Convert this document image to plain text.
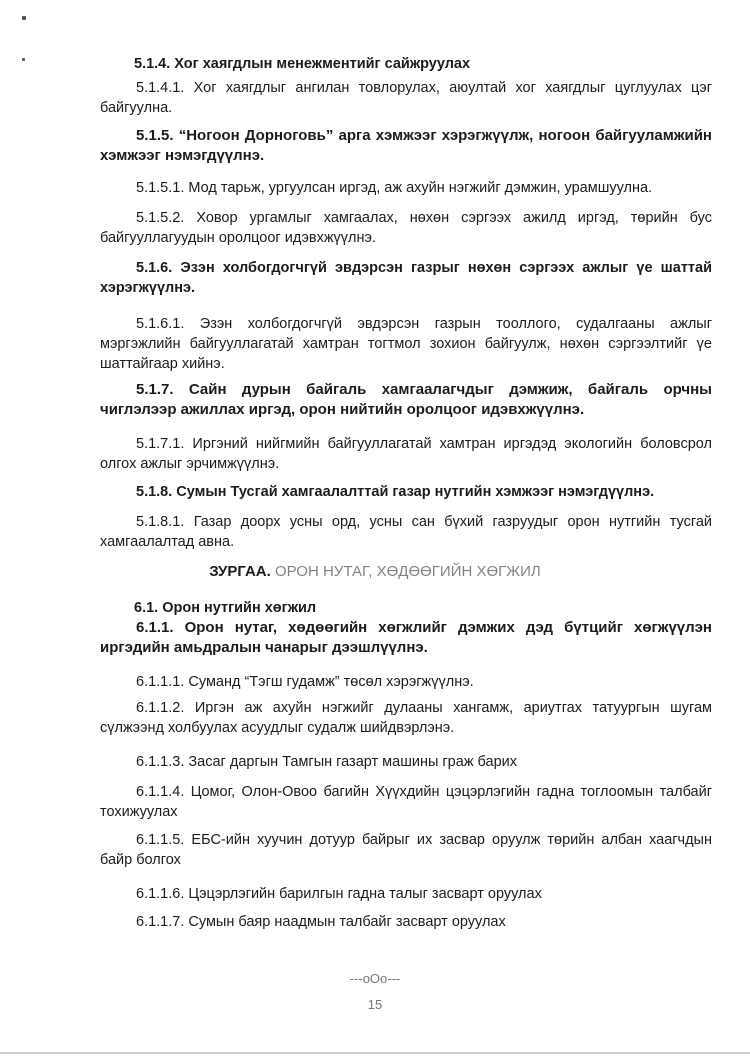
5.1.4. Хог хаягдлын менежментийг сайжруулах

5.1.4.1. Хог хаягдлыг ангилан товлорулах, аюултай хог хаягдлыг цуглуулах цэг байгуулна.

5.1.5. “Ногоон Дорноговь” арга хэмжээг хэрэгжүүлж, ногоон байгууламжийн хэмжээг нэмэгдүүлнэ.

5.1.5.1. Мод тарьж, ургуулсан иргэд, аж ахуйн нэгжийг дэмжин, урамшуулна.

5.1.5.2. Ховор ургамлыг хамгаалах, нөхөн сэргээх ажилд иргэд, төрийн бус байгууллагуудын оролцоог идэвхжүүлнэ.

5.1.6. Эзэн холбогдогчгүй эвдэрсэн газрыг нөхөн сэргээх ажлыг үе шаттай хэрэгжүүлнэ.

5.1.6.1. Эзэн холбогдогчгүй эвдэрсэн газрын тооллого, судалгааны ажлыг мэргэжлийн байгууллагатай хамтран тогтмол зохион байгуулж, нөхөн сэргээлтийг үе шаттайгаар хийнэ.

5.1.7. Сайн дурын байгаль хамгаалагчдыг дэмжиж, байгаль орчны чиглэлээр ажиллах иргэд, орон нийтийн оролцоог идэвхжүүлнэ.

5.1.7.1. Иргэний нийгмийн байгууллагатай хамтран иргэдэд экологийн боловсрол олгох ажлыг эрчимжүүлнэ.

5.1.8. Сумын Тусгай хамгаалалттай газар нутгийн хэмжээг нэмэгдүүлнэ.

5.1.8.1. Газар доорх усны орд, усны сан бүхий газруудыг орон нутгийн тусгай хамгаалалтад авна.

ЗУРГАА. ОРОН НУТАГ, ХӨДӨӨГИЙН ХӨГЖИЛ

6.1. Орон нутгийн хөгжил

6.1.1. Орон нутаг, хөдөөгийн хөгжлийг дэмжих дэд бүтцийг хөгжүүлэн иргэдийн амьдралын чанарыг дээшлүүлнэ.

6.1.1.1. Суманд “Тэгш гудамж” төсөл хэрэгжүүлнэ.

6.1.1.2. Иргэн аж ахуйн нэгжийг дулааны хангамж, ариутгах татуургын шугам сүлжээнд холбуулах асуудлыг судалж шийдвэрлэнэ.

6.1.1.3. Засаг даргын Тамгын газарт машины граж барих

6.1.1.4. Цомог, Олон-Овоо багийн Хүүхдийн цэцэрлэгийн гадна тоглоомын талбайг тохижуулах

6.1.1.5. ЕБС-ийн хуучин дотуур байрыг их засвар оруулж төрийн албан хаагчдын байр болгох

6.1.1.6. Цэцэрлэгийн барилгын гадна талыг засварт оруулах

6.1.1.7. Сумын баяр наадмын талбайг засварт оруулах

---oOo---
15
